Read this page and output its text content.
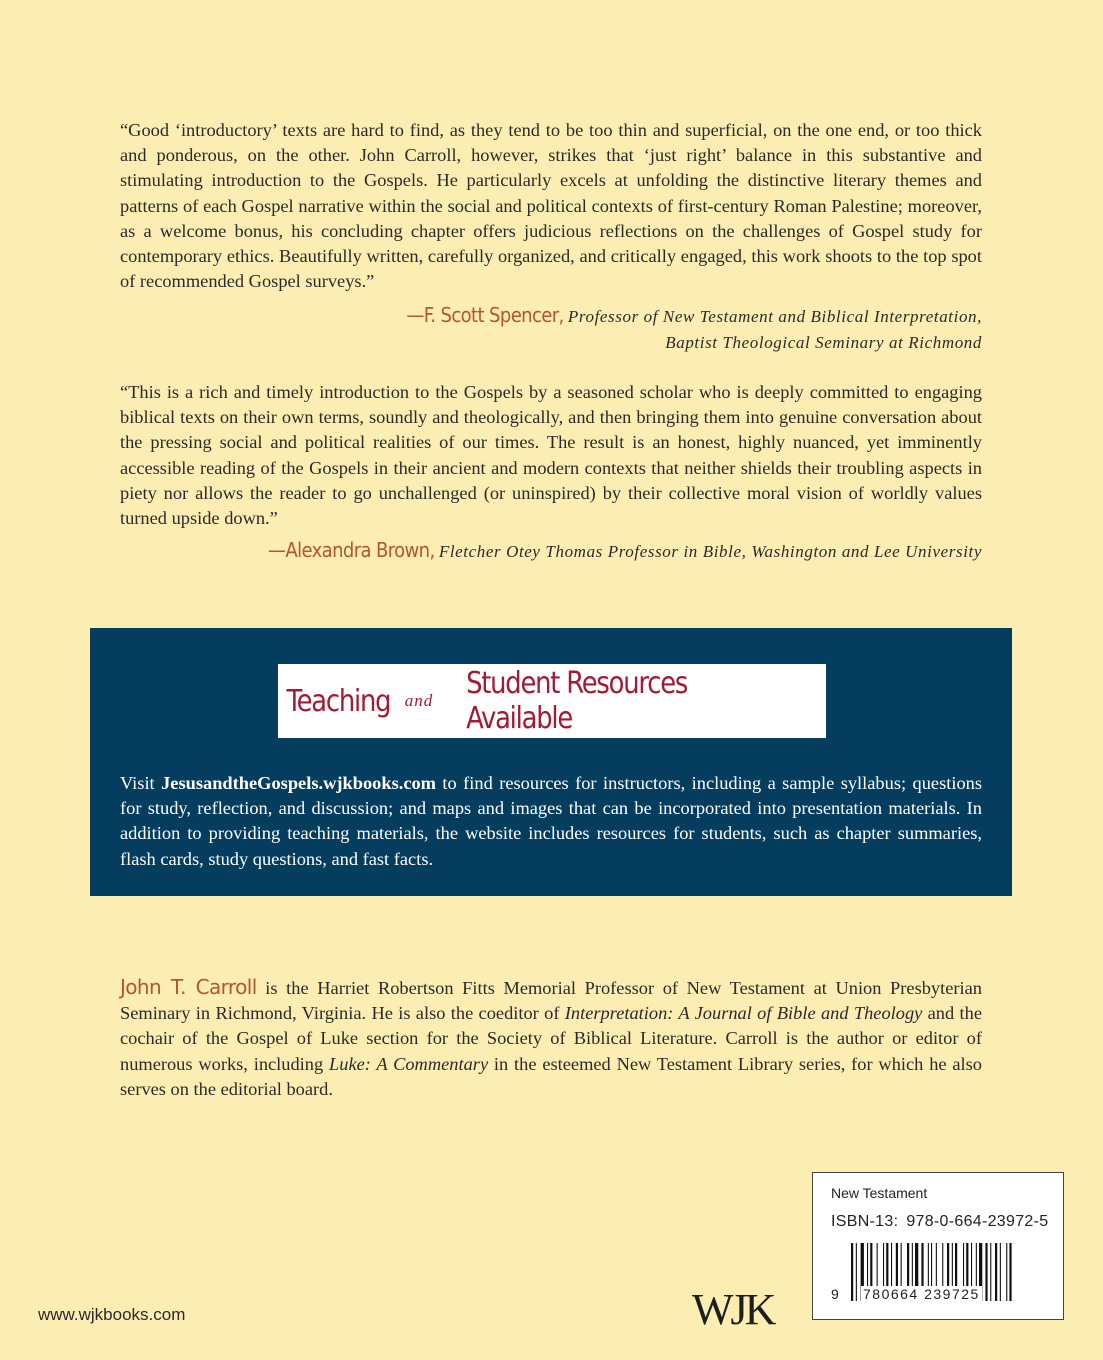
“Good ‘introductory’ texts are hard to find, as they tend to be too thin and superficial, on the one end, or too thick and ponderous, on the other. John Carroll, however, strikes that ‘just right’ balance in this substantive and stimulating introduction to the Gospels. He particularly excels at unfolding the distinctive literary themes and patterns of each Gospel narrative within the social and political contexts of first-century Roman Palestine; moreover, as a welcome bonus, his concluding chapter offers judicious reflections on the challenges of Gospel study for contemporary ethics. Beautifully written, carefully organized, and critically engaged, this work shoots to the top spot of recommended Gospel surveys.”

—F. Scott Spencer, Professor of New Testament and Biblical Interpretation,
Baptist Theological Seminary at Richmond

“This is a rich and timely introduction to the Gospels by a seasoned scholar who is deeply committed to engaging biblical texts on their own terms, soundly and theologically, and then bringing them into genuine conversation about the pressing social and political realities of our times. The result is an honest, highly nuanced, yet imminently accessible reading of the Gospels in their ancient and modern contexts that neither shields their troubling aspects in piety nor allows the reader to go unchallenged (or uninspired) by their collective moral vision of worldly values turned upside down.”

—Alexandra Brown, Fletcher Otey Thomas Professor in Bible, Washington and Lee University

Teaching and Student Resources Available

Visit JesusandtheGospels.wjkbooks.com to find resources for instructors, including a sample syllabus; questions for study, reflection, and discussion; and maps and images that can be incorporated into presentation materials. In addition to providing teaching materials, the website includes resources for students, such as chapter summaries, flash cards, study questions, and fast facts.

John T. Carroll is the Harriet Robertson Fitts Memorial Professor of New Testament at Union Presbyterian Seminary in Richmond, Virginia. He is also the coeditor of Interpretation: A Journal of Bible and Theology and the cochair of the Gospel of Luke section for the Society of Biblical Literature. Carroll is the author or editor of numerous works, including Luke: A Commentary in the esteemed New Testament Library series, for which he also serves on the editorial board.

www.wjkbooks.com	WJK
New Testament
ISBN-13: 978-0-664-23972-5
9 780664 239725
